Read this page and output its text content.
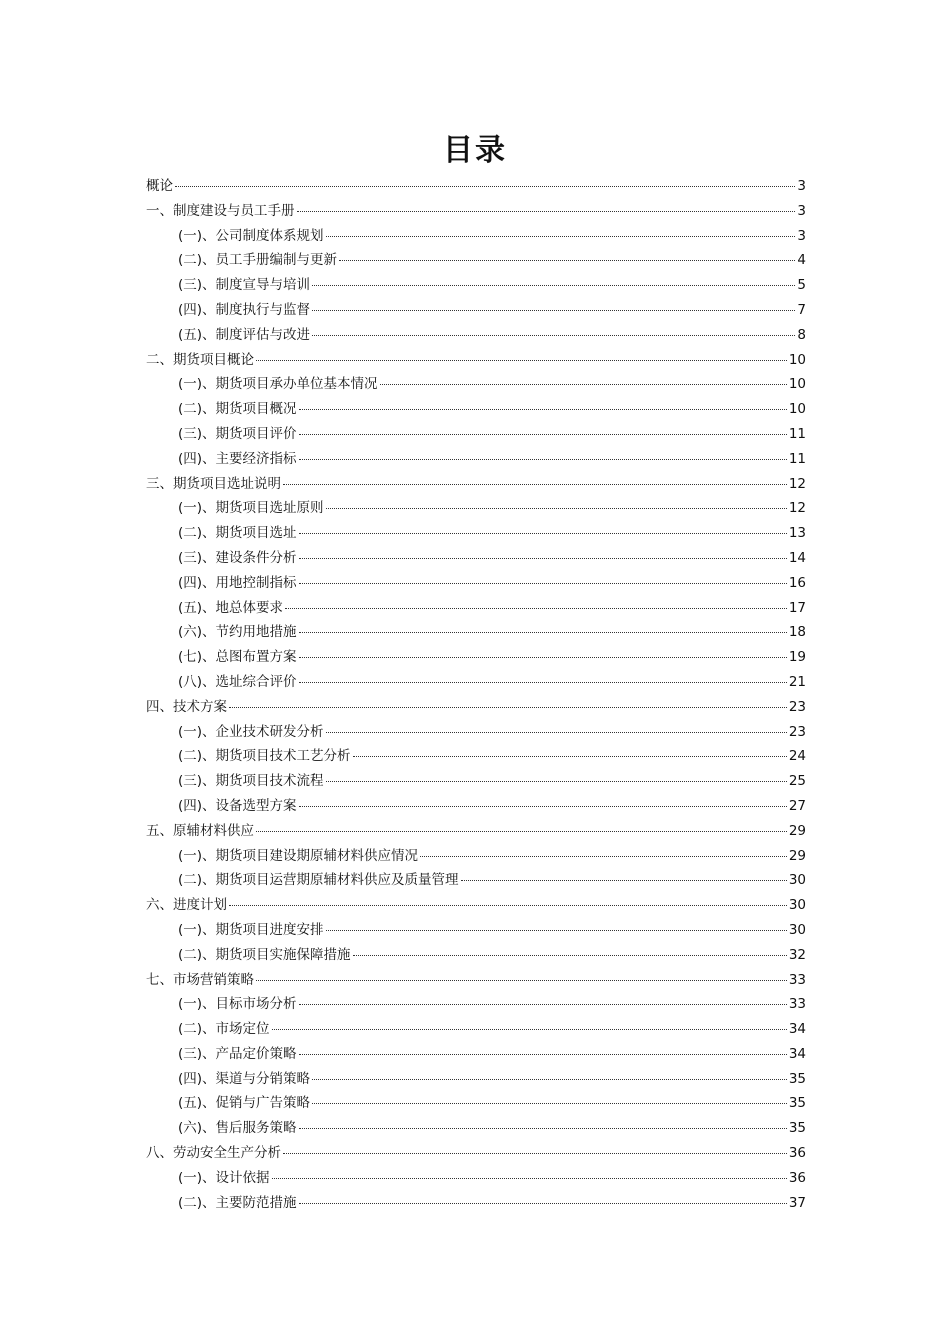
目录
概论	3
一、制度建设与员工手册	3
(一)、公司制度体系规划	3
(二)、员工手册编制与更新	4
(三)、制度宣导与培训	5
(四)、制度执行与监督	7
(五)、制度评估与改进	8
二、期货项目概论	10
(一)、期货项目承办单位基本情况	10
(二)、期货项目概况	10
(三)、期货项目评价	11
(四)、主要经济指标	11
三、期货项目选址说明	12
(一)、期货项目选址原则	12
(二)、期货项目选址	13
(三)、建设条件分析	14
(四)、用地控制指标	16
(五)、地总体要求	17
(六)、节约用地措施	18
(七)、总图布置方案	19
(八)、选址综合评价	21
四、技术方案	23
(一)、企业技术研发分析	23
(二)、期货项目技术工艺分析	24
(三)、期货项目技术流程	25
(四)、设备选型方案	27
五、原辅材料供应	29
(一)、期货项目建设期原辅材料供应情况	29
(二)、期货项目运营期原辅材料供应及质量管理	30
六、进度计划	30
(一)、期货项目进度安排	30
(二)、期货项目实施保障措施	32
七、市场营销策略	33
(一)、目标市场分析	33
(二)、市场定位	34
(三)、产品定价策略	34
(四)、渠道与分销策略	35
(五)、促销与广告策略	35
(六)、售后服务策略	35
八、劳动安全生产分析	36
(一)、设计依据	36
(二)、主要防范措施	37
